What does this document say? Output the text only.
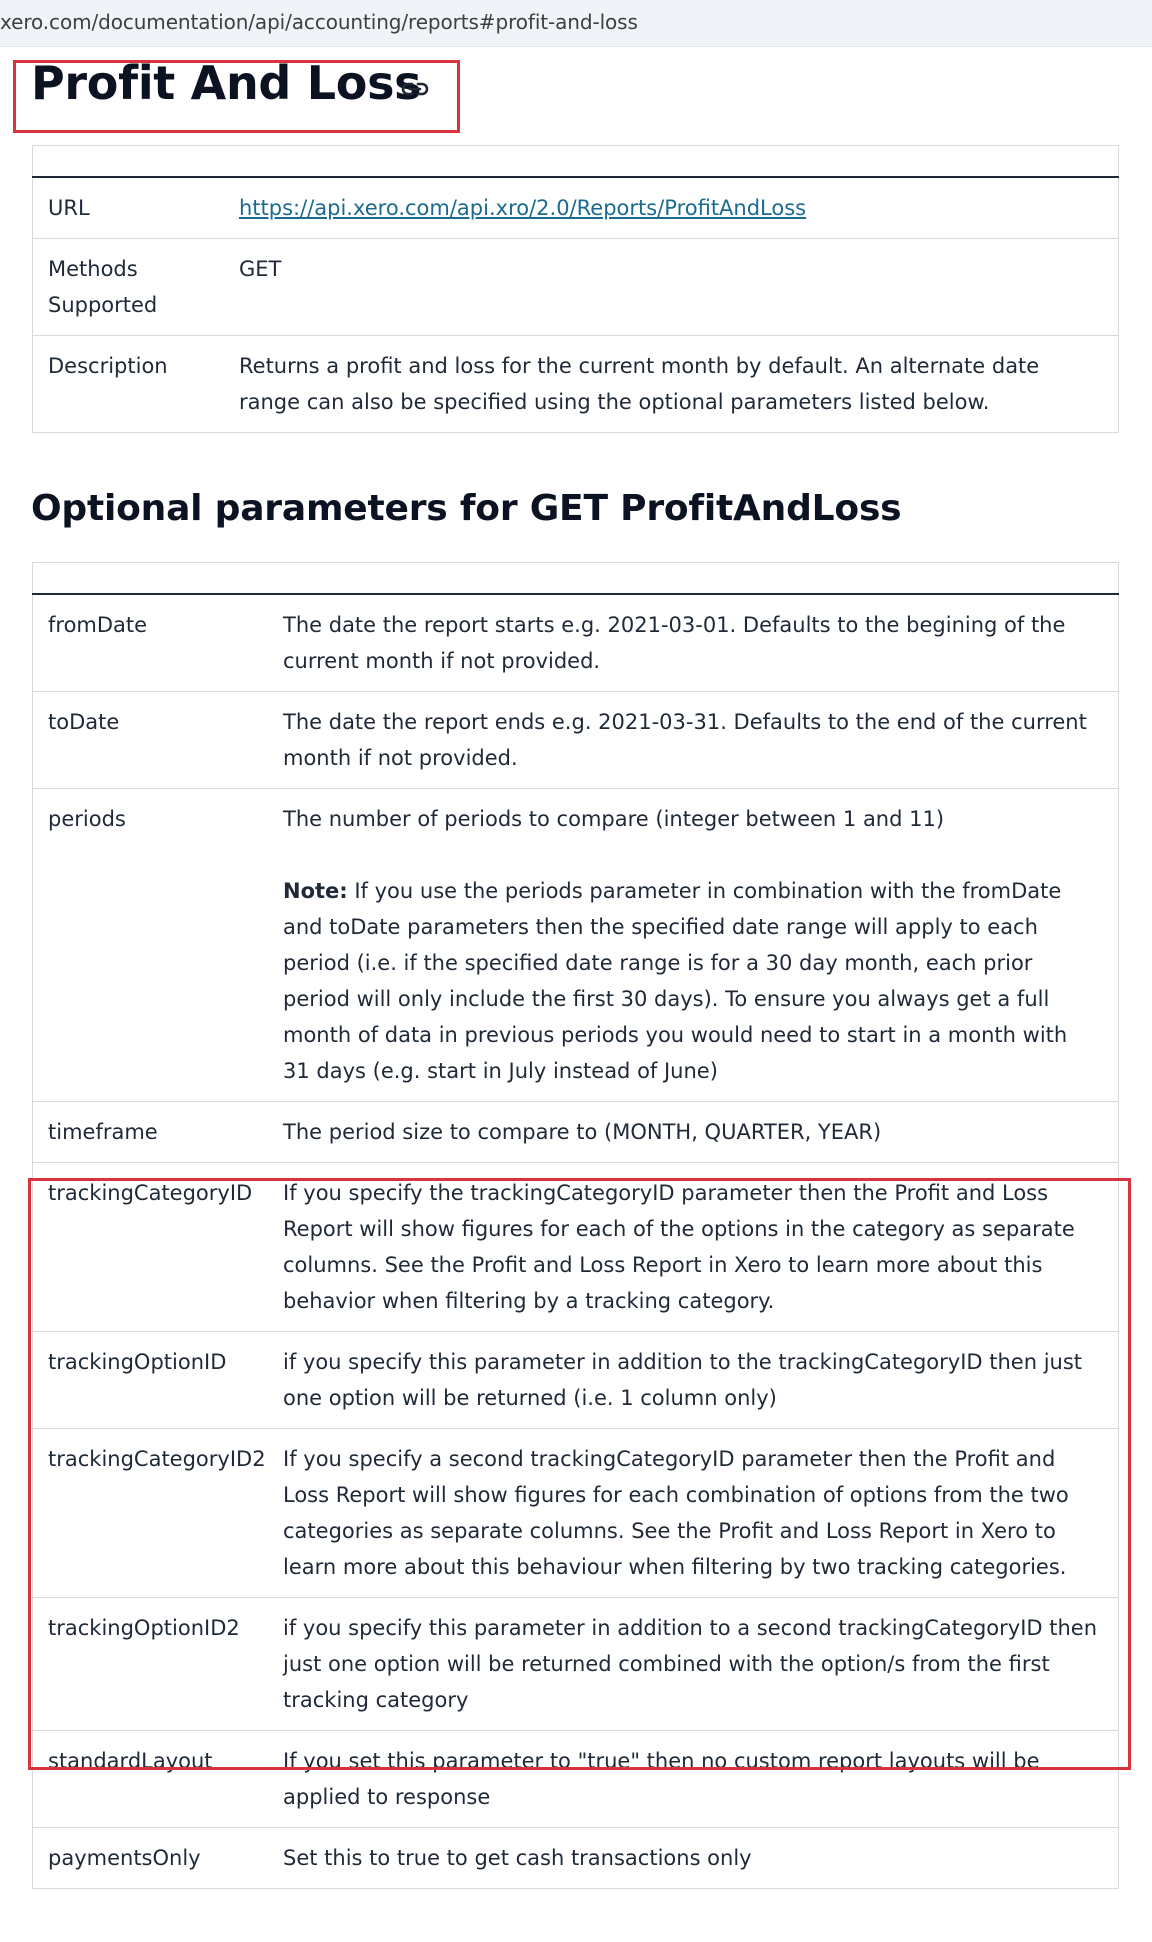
xero.com/documentation/api/accounting/reports#profit-and-loss
Profit And Loss

URL	https://api.xero.com/api.xro/2.0/Reports/ProfitAndLoss
Methods Supported	GET
Description	Returns a profit and loss for the current month by default. An alternate date range can also be specified using the optional parameters listed below.
Optional parameters for GET ProfitAndLoss

fromDate	The date the report starts e.g. 2021-03-01. Defaults to the begining of the current month if not provided.
toDate	The date the report ends e.g. 2021-03-31. Defaults to the end of the current month if not provided.
periods	The number of periods to compare (integer between 1 and 11)
Note: If you use the periods parameter in combination with the fromDate and toDate parameters then the specified date range will apply to each period (i.e. if the specified date range is for a 30 day month, each prior period will only include the first 30 days). To ensure you always get a full month of data in previous periods you would need to start in a month with 31 days (e.g. start in July instead of June)

timeframe	The period size to compare to (MONTH, QUARTER, YEAR)
trackingCategoryID	If you specify the trackingCategoryID parameter then the Profit and Loss Report will show figures for each of the options in the category as separate columns. See the Profit and Loss Report in Xero to learn more about this behavior when filtering by a tracking category.
trackingOptionID	if you specify this parameter in addition to the trackingCategoryID then just one option will be returned (i.e. 1 column only)
trackingCategoryID2	If you specify a second trackingCategoryID parameter then the Profit and Loss Report will show figures for each combination of options from the two categories as separate columns. See the Profit and Loss Report in Xero to learn more about this behaviour when filtering by two tracking categories.
trackingOptionID2	if you specify this parameter in addition to a second trackingCategoryID then just one option will be returned combined with the option/s from the first tracking category
standardLayout	If you set this parameter to "true" then no custom report layouts will be applied to response
paymentsOnly	Set this to true to get cash transactions only
